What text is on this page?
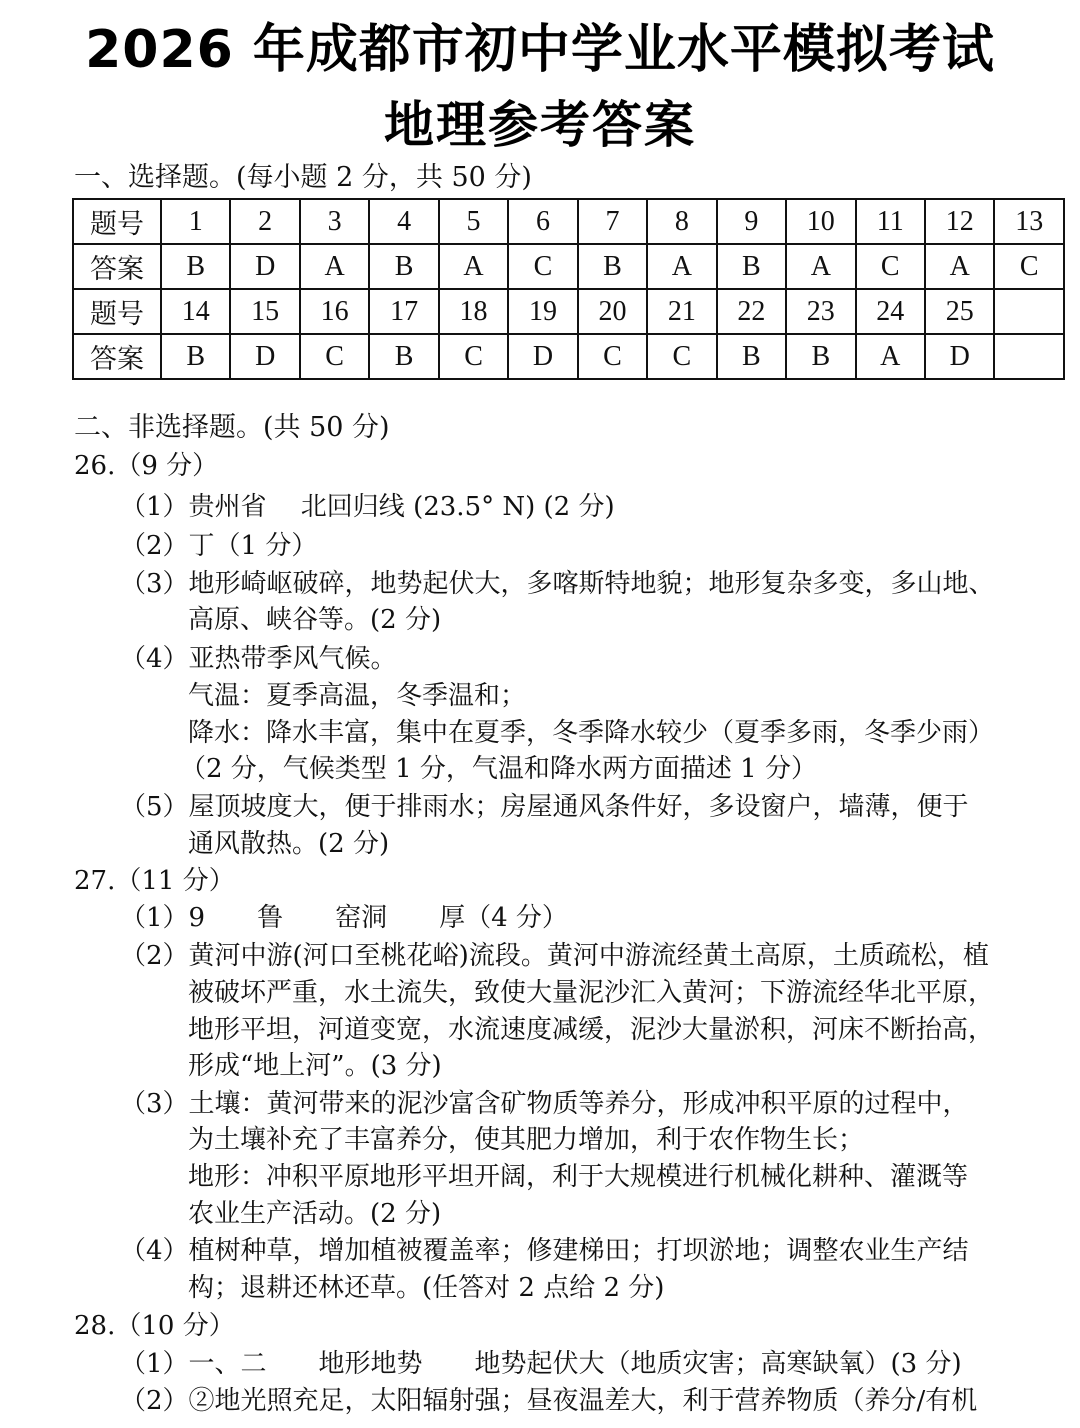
2026 年成都市初中学业水平模拟考试
地理参考答案
一、选择题。(每小题 2 分，共 50 分)
题号	1	2	3	4	5	6	7	8	9	10	11	12	13
答案	B	D	A	B	A	C	B	A	B	A	C	A	C
题号	14	15	16	17	18	19	20	21	22	23	24	25	
答案	B	D	C	B	C	D	C	C	B	B	A	D	
二、非选择题。(共 50 分)
26.（9 分）
（1）贵州省　 北回归线 (23.5° N) (2 分)
（2）丁（1 分）
（3）地形崎岖破碎，地势起伏大，多喀斯特地貌；地形复杂多变，多山地、
高原、峡谷等。(2 分)
（4）亚热带季风气候。
气温：夏季高温，冬季温和；
降水：降水丰富，集中在夏季，冬季降水较少（夏季多雨，冬季少雨）
（2 分，气候类型 1 分，气温和降水两方面描述 1 分）
（5）屋顶坡度大，便于排雨水；房屋通风条件好，多设窗户，墙薄，便于
通风散热。(2 分)
27.（11 分）
（1）9　　鲁　　窑洞　　厚（4 分）
（2）黄河中游(河口至桃花峪)流段。黄河中游流经黄土高原，土质疏松，植
被破坏严重，水土流失，致使大量泥沙汇入黄河；下游流经华北平原，
地形平坦，河道变宽，水流速度减缓，泥沙大量淤积，河床不断抬高，
形成“地上河”。(3 分)
（3）土壤：黄河带来的泥沙富含矿物质等养分，形成冲积平原的过程中，
为土壤补充了丰富养分，使其肥力增加，利于农作物生长；
地形：冲积平原地形平坦开阔，利于大规模进行机械化耕种、灌溉等
农业生产活动。(2 分)
（4）植树种草，增加植被覆盖率；修建梯田；打坝淤地；调整农业生产结
构；退耕还林还草。(任答对 2 点给 2 分)
28.（10 分）
（1）一、二　　地形地势　　地势起伏大（地质灾害；高寒缺氧）(3 分)
（2）②地光照充足，太阳辐射强；昼夜温差大，利于营养物质（养分/有机
